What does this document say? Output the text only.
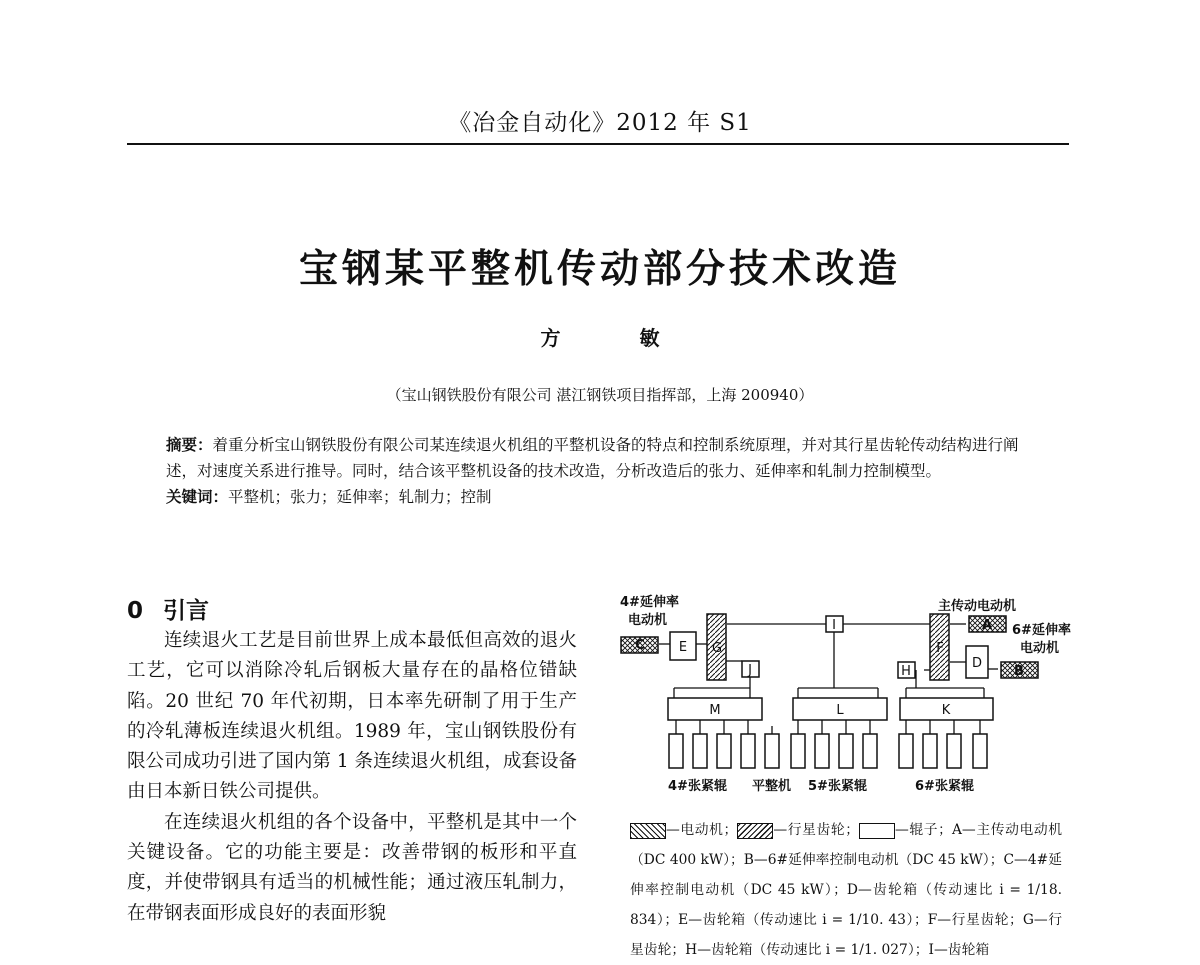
《冶金自动化》2012 年 S1
宝钢某平整机传动部分技术改造
方 敏
（宝山钢铁股份有限公司 湛江钢铁项目指挥部，上海 200940）
摘要：着重分析宝山钢铁股份有限公司某连续退火机组的平整机设备的特点和控制系统原理，并对其行星齿轮传动结构进行阐述，对速度关系进行推导。同时，结合该平整机设备的技术改造，分析改造后的张力、延伸率和轧制力控制模型。
关键词：平整机；张力；延伸率；轧制力；控制
0 引言

连续退火工艺是目前世界上成本最低但高效的退火工艺，它可以消除冷轧后钢板大量存在的晶格位错缺陷。20 世纪 70 年代初期，日本率先研制了用于生产的冷轧薄板连续退火机组。1989 年，宝山钢铁股份有限公司成功引进了国内第 1 条连续退火机组，成套设备由日本新日铁公司提供。

在连续退火机组的各个设备中，平整机是其中一个关键设备。它的功能主要是：改善带钢的板形和平直度，并使带钢具有适当的机械性能；通过液压轧制力，在带钢表面形成良好的表面形貌

C	E G
J
I	A
F
D
B
H
M	L	K
4#延伸率
电动机
主传动电动机
6#延伸率
电动机
4#张紧辊 平整机 5#张紧辊	6#张紧辊
—电动机；	—行星齿轮；	—辊子；A—主传动电动机（DC 400 kW）；B—6#延伸率控制电动机（DC 45 kW）；C—4#延伸率控制电动机（DC 45 kW）；D—齿轮箱（传动速比 i = 1/18. 834）；E—齿轮箱（传动速比 i = 1/10. 43）；F—行星齿轮；G—行星齿轮；H—齿轮箱（传动速比 i = 1/1. 027）；I—齿轮箱
